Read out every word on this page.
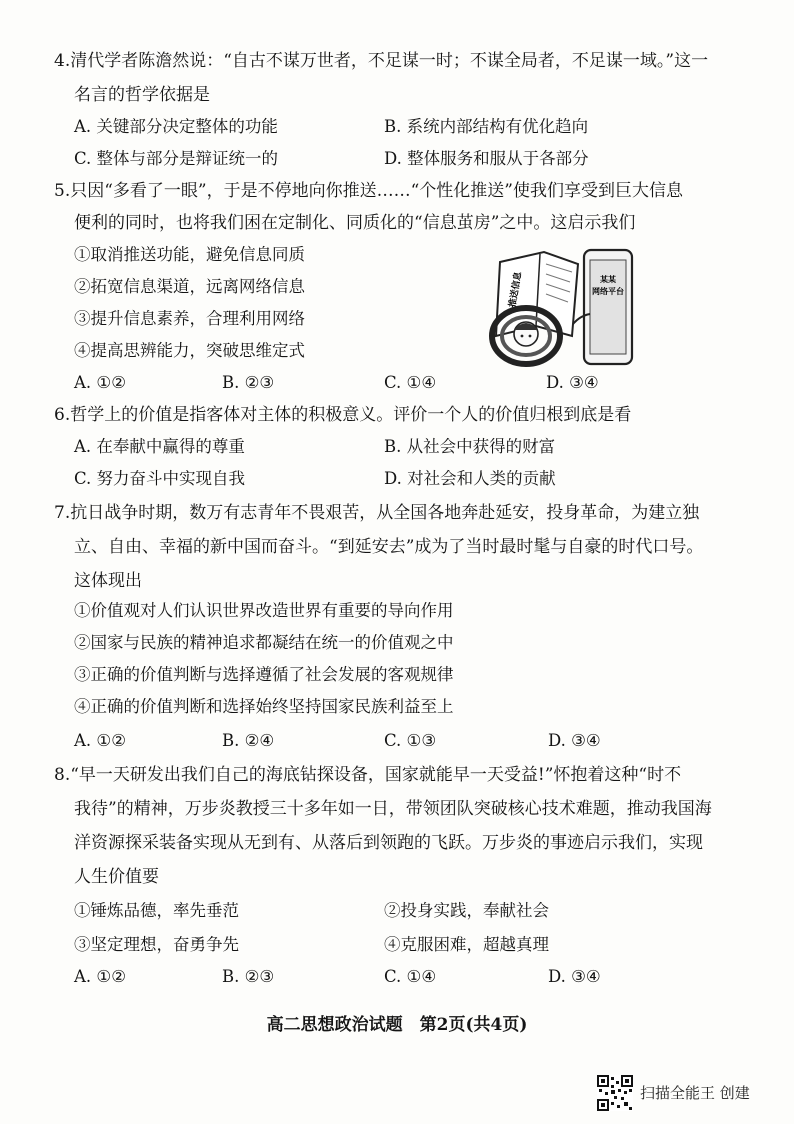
4.清代学者陈澹然说：“自古不谋万世者，不足谋一时；不谋全局者，不足谋一域。”这一
名言的哲学依据是
A. 关键部分决定整体的功能	B. 系统内部结构有优化趋向
C. 整体与部分是辩证统一的	D. 整体服务和服从于各部分
5.只因“多看了一眼”，于是不停地向你推送……“个性化推送”使我们享受到巨大信息
便利的同时，也将我们困在定制化、同质化的“信息茧房”之中。这启示我们
①取消推送功能，避免信息同质
②拓宽信息渠道，远离网络信息
③提升信息素养，合理利用网络
④提高思辨能力，突破思维定式
A. ①②	B. ②③	C. ①④	D. ③④
某某
网络平台
推送信息
6.哲学上的价值是指客体对主体的积极意义。评价一个人的价值归根到底是看
A. 在奉献中赢得的尊重	B. 从社会中获得的财富
C. 努力奋斗中实现自我	D. 对社会和人类的贡献
7.抗日战争时期，数万有志青年不畏艰苦，从全国各地奔赴延安，投身革命，为建立独
立、自由、幸福的新中国而奋斗。“到延安去”成为了当时最时髦与自豪的时代口号。
这体现出
①价值观对人们认识世界改造世界有重要的导向作用
②国家与民族的精神追求都凝结在统一的价值观之中
③正确的价值判断与选择遵循了社会发展的客观规律
④正确的价值判断和选择始终坚持国家民族利益至上
A. ①②	B. ②④	C. ①③	D. ③④
8.“早一天研发出我们自己的海底钻探设备，国家就能早一天受益!”怀抱着这种“时不
我待”的精神，万步炎教授三十多年如一日，带领团队突破核心技术难题，推动我国海
洋资源探采装备实现从无到有、从落后到领跑的飞跃。万步炎的事迹启示我们，实现
人生价值要
①锤炼品德，率先垂范	②投身实践，奉献社会
③坚定理想，奋勇争先	④克服困难，超越真理
A. ①②	B. ②③	C. ①④	D. ③④
高二思想政治试题　第2页(共4页)
扫描全能王 创建
